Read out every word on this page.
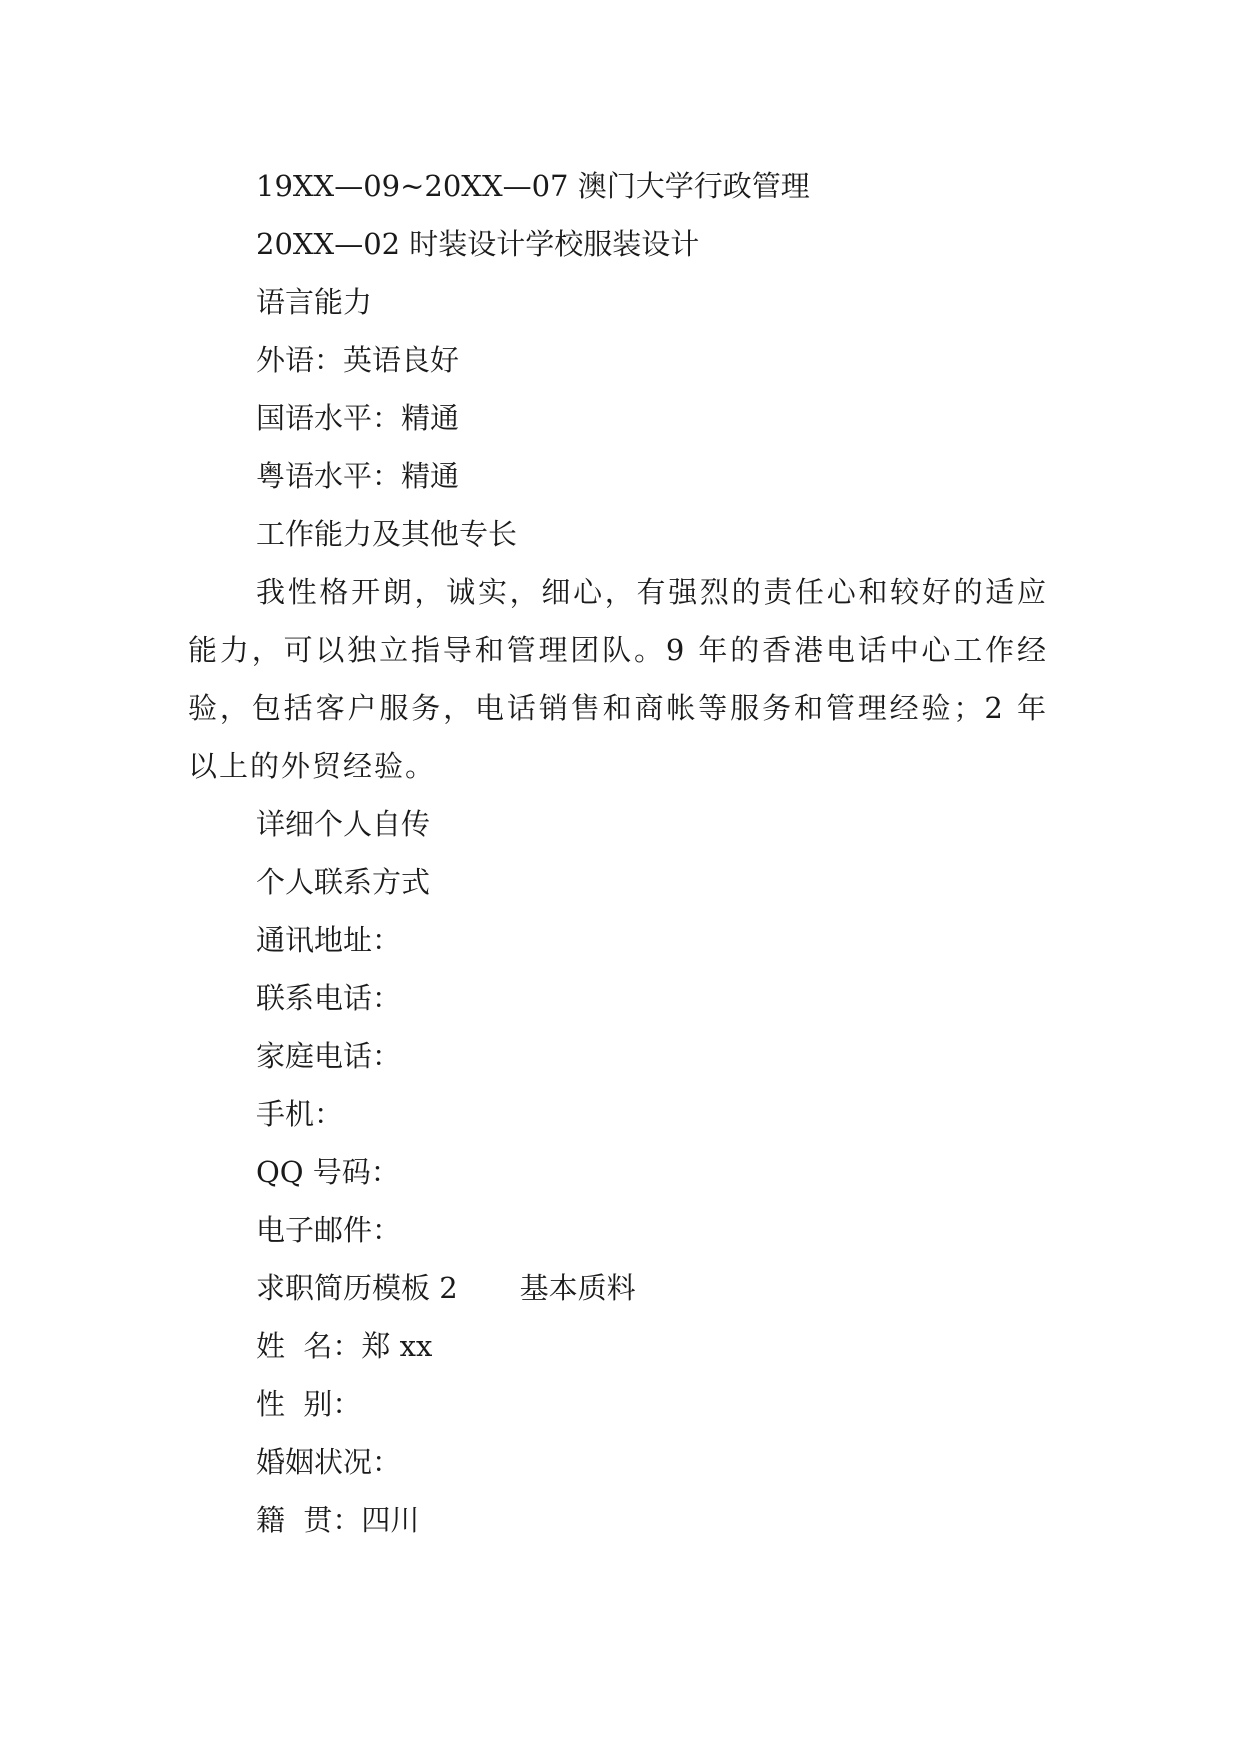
19XX—09~20XX—07 澳门大学行政管理
20XX—02 时装设计学校服装设计
语言能力
外语：英语良好
国语水平：精通
粤语水平：精通
工作能力及其他专长
我性格开朗，诚实，细心，有强烈的责任心和较好的适应能力，可以独立指导和管理团队。9 年的香港电话中心工作经验，包括客户服务，电话销售和商帐等服务和管理经验；2 年以上的外贸经验。
详细个人自传
个人联系方式
通讯地址：
联系电话：
家庭电话：
手机：
QQ 号码：
电子邮件：
求职简历模板 2 基本质料
姓  名：郑 xx
性  别：
婚姻状况：
籍  贯：四川
